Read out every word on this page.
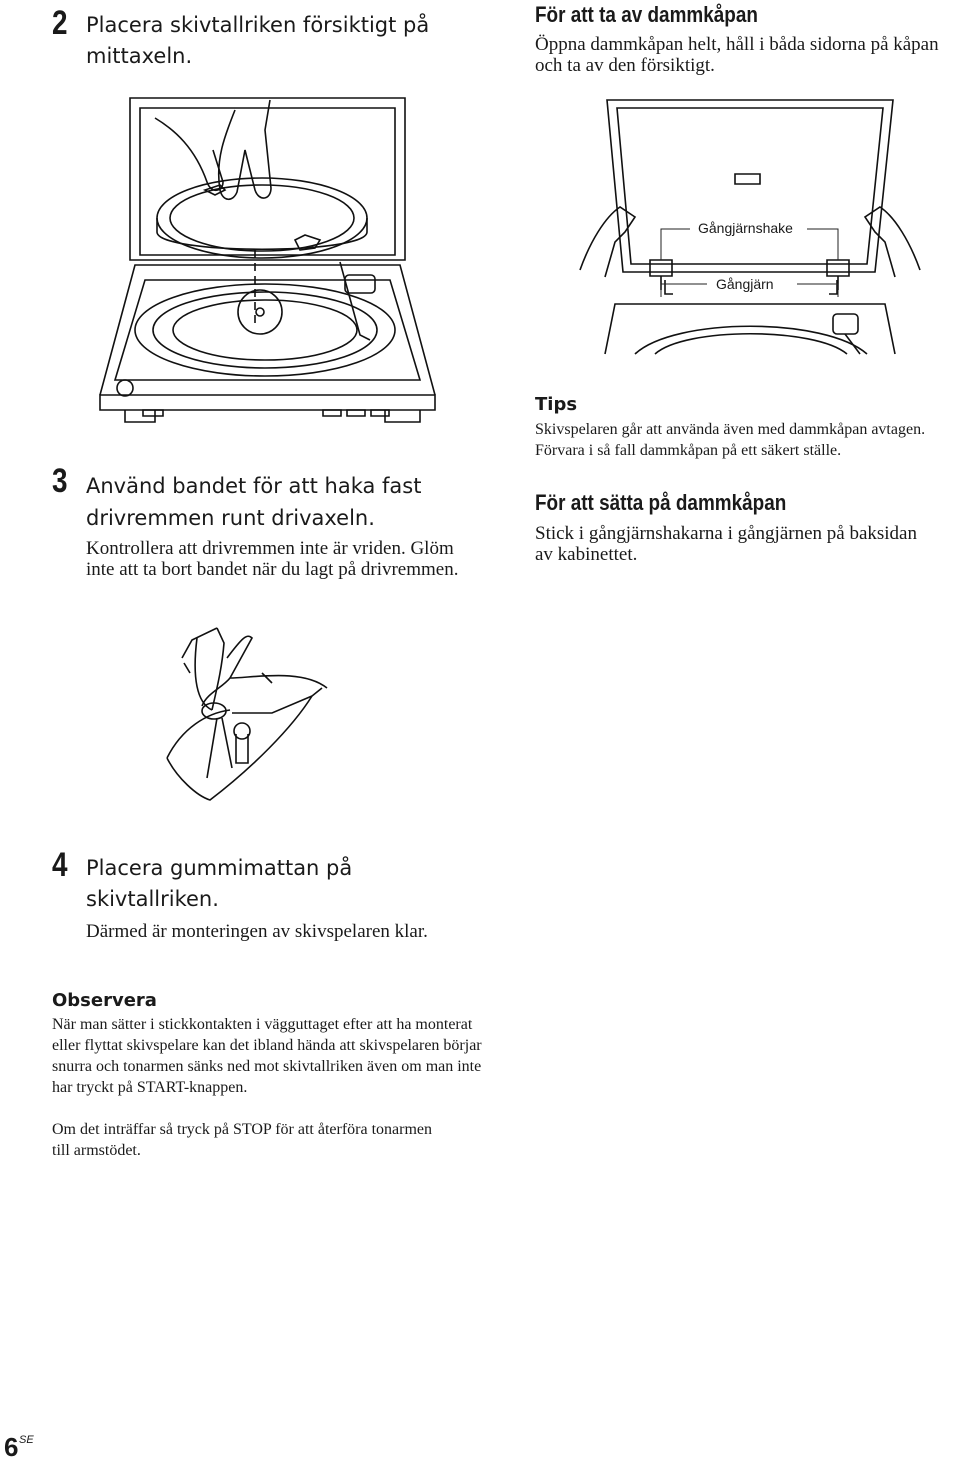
2 Placera skivtallriken försiktigt på mittaxeln.
För att ta av dammkåpan
Öppna dammkåpan helt, håll i båda sidorna på kåpan och ta av den försiktigt.
Gångjärnshake
Gångjärn
Tips
Skivspelaren går att använda även med dammkåpan avtagen. Förvara i så fall dammkåpan på ett säkert ställe.
För att sätta på dammkåpan
Stick i gångjärnshakarna i gångjärnen på baksidan av kabinettet.
3 Använd bandet för att haka fast drivremmen runt drivaxeln.
Kontrollera att drivremmen inte är vriden. Glöm inte att ta bort bandet när du lagt på drivremmen.
4 Placera gummimattan på skivtallriken.
Därmed är monteringen av skivspelaren klar.
Observera
När man sätter i stickkontakten i vägguttaget efter att ha monterat eller flyttat skivspelare kan det ibland hända att skivspelaren börjar snurra och tonarmen sänks ned mot skivtallriken även om man inte har tryckt på START-knappen.
Om det inträffar så tryck på STOP för att återföra tonarmen till armstödet.
6 SE
